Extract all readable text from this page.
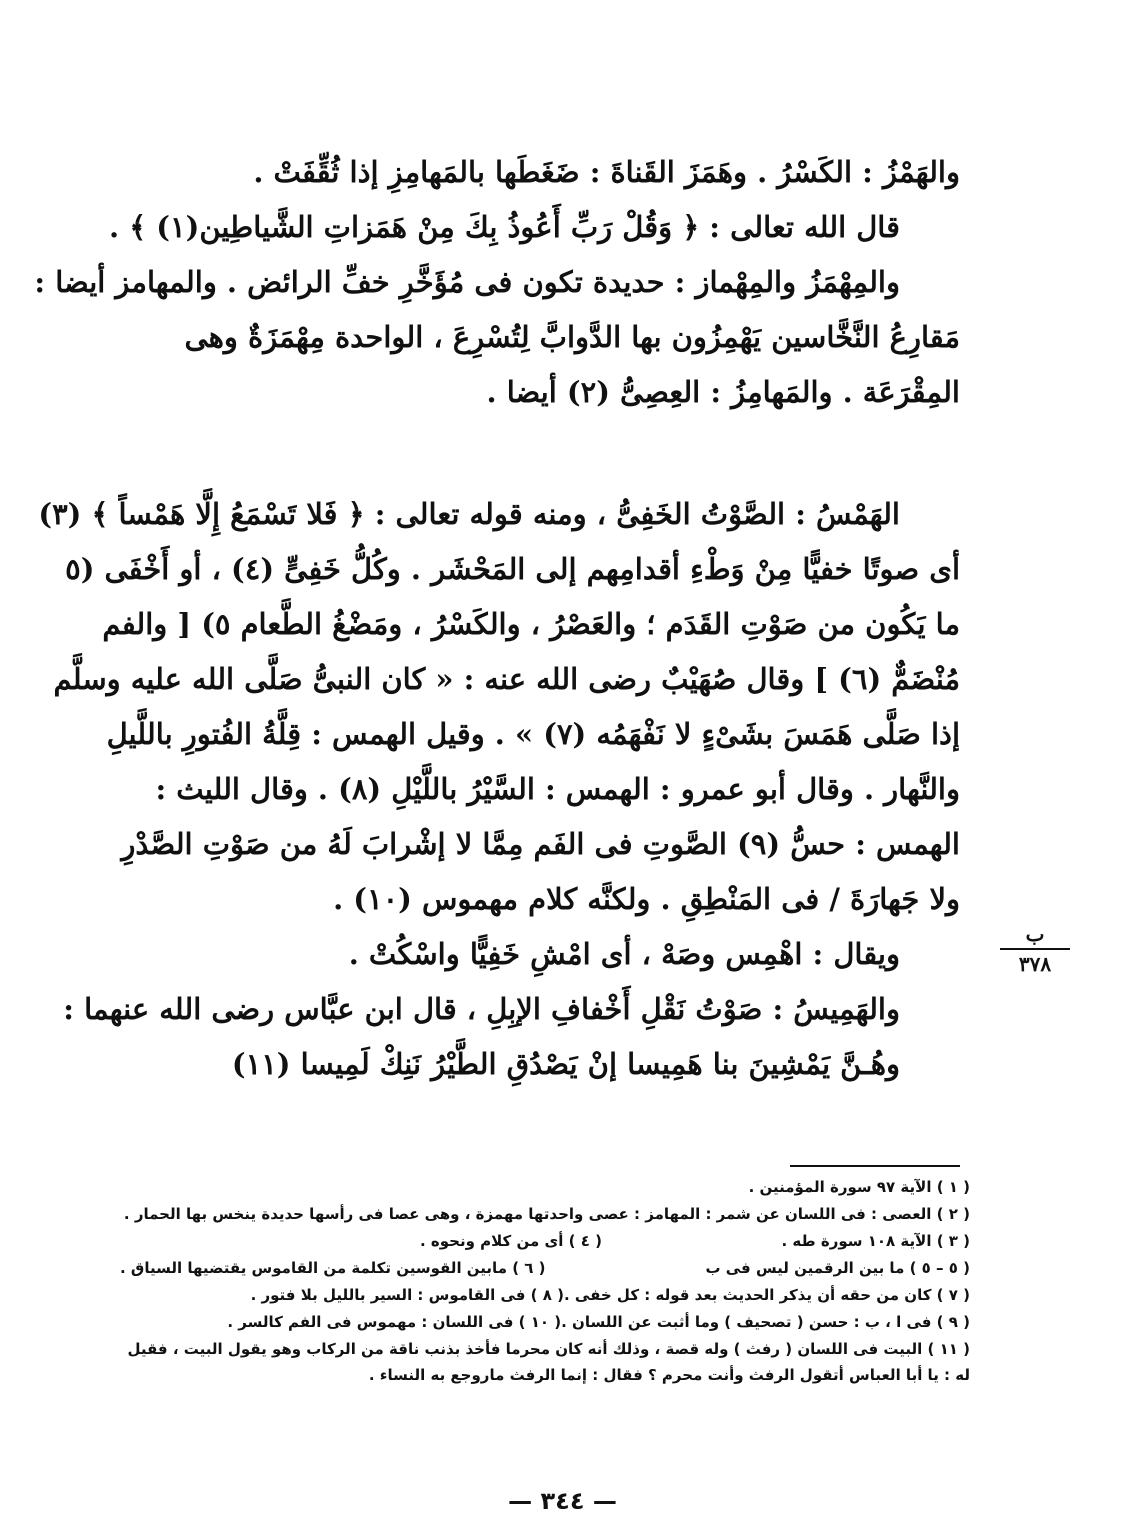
والهَمْزُ : الكَسْرُ . وهَمَزَ القَناةَ : ضَغَطَها بالمَهامِزِ إذا ثُقِّفَتْ .
قال الله تعالى : ﴿ وَقُلْ رَبِّ أَعُوذُ بِكَ مِنْ هَمَزاتِ الشَّياطِين(١) ﴾ .
والمِهْمَزُ والمِهْماز : حديدة تكون فى مُؤَخَّرِ خفِّ الرائض . والمهامز أيضا :
مَقارِعُ النَّخَّاسين يَهْمِزُون بها الدَّوابَّ لِتُسْرِعَ ، الواحدة مِهْمَزَةٌ وهى
المِقْرَعَة . والمَهامِزُ : العِصِىُّ (٢) أيضا .
الهَمْسُ : الصَّوْتُ الخَفِىُّ ، ومنه قوله تعالى : ﴿ فَلا تَسْمَعُ إِلَّا هَمْساً ﴾ (٣)
أى صوتًا خفيًّا مِنْ وَطْءِ أقدامِهم إلى المَحْشَر . وكُلُّ خَفِىٍّ (٤) ، أو أَخْفَى (٥
ما يَكُون من صَوْتِ القَدَم ؛ والعَصْرُ ، والكَسْرُ ، ومَضْغُ الطَّعام ٥) [ والفم
مُنْضَمٌّ (٦) ] وقال صُهَيْبٌ رضى الله عنه : « كان النبىُّ صَلَّى الله عليه وسلَّم
إذا صَلَّى هَمَسَ بشَىْءٍ لا نَفْهَمُه (٧) » . وقيل الهمس : قِلَّةُ الفُتورِ باللَّيلِ
والنَّهار . وقال أبو عمرو : الهمس : السَّيْرُ باللَّيْلِ (٨) . وقال الليث :
الهمس : حسُّ (٩) الصَّوتِ فى الفَم مِمَّا لا إشْرابَ لَهُ من صَوْتِ الصَّدْرِ
ولا جَهارَةَ / فى المَنْطِقِ . ولكنَّه كلام مهموس (١٠) .
ويقال : اهْمِس وصَهْ ، أى امْشِ خَفِيًّا واسْكُتْ .
والهَمِيسُ : صَوْتُ نَقْلِ أَخْفافِ الإبِلِ ، قال ابن عبَّاس رضى الله عنهما :
وهُـنَّ يَمْشِينَ بنا هَمِيسا إنْ يَصْدُقِ الطَّيْرُ نَنِكْ لَمِيسا (١١)
ب
٣٧٨
( ١ ) الآية ٩٧ سورة المؤمنين .
( ٢ ) العصى : فى اللسان عن شمر : المهامز : عصى واحدتها مهمزة ، وهى عصا فى رأسها حديدة ينخس بها الحمار .
( ٣ ) الآية ١٠٨ سورة طه .
( ٤ ) أى من كلام ونحوه .
( ٥ – ٥ ) ما بين الرقمين ليس فى ب
( ٦ ) مابين القوسين تكلمة من القاموس يقتضيها السياق .
( ٧ ) كان من حقه أن يذكر الحديث بعد قوله : كل خفى .
( ٨ ) فى القاموس : السير بالليل بلا فتور .
( ٩ ) فى ا ، ب : حسن ( تصحيف ) وما أثبت عن اللسان .
( ١٠ ) فى اللسان : مهموس فى الفم كالسر .
( ١١ ) البيت فى اللسان ( رفث ) وله قصة ، وذلك أنه كان محرما فأخذ بذنب ناقة من الركاب وهو يقول البيت ، فقيل له : يا أبا العباس أتقول الرفث وأنت محرم ؟ فقال : إنما الرفث ماروجع به النساء .
— ٣٤٤ —
